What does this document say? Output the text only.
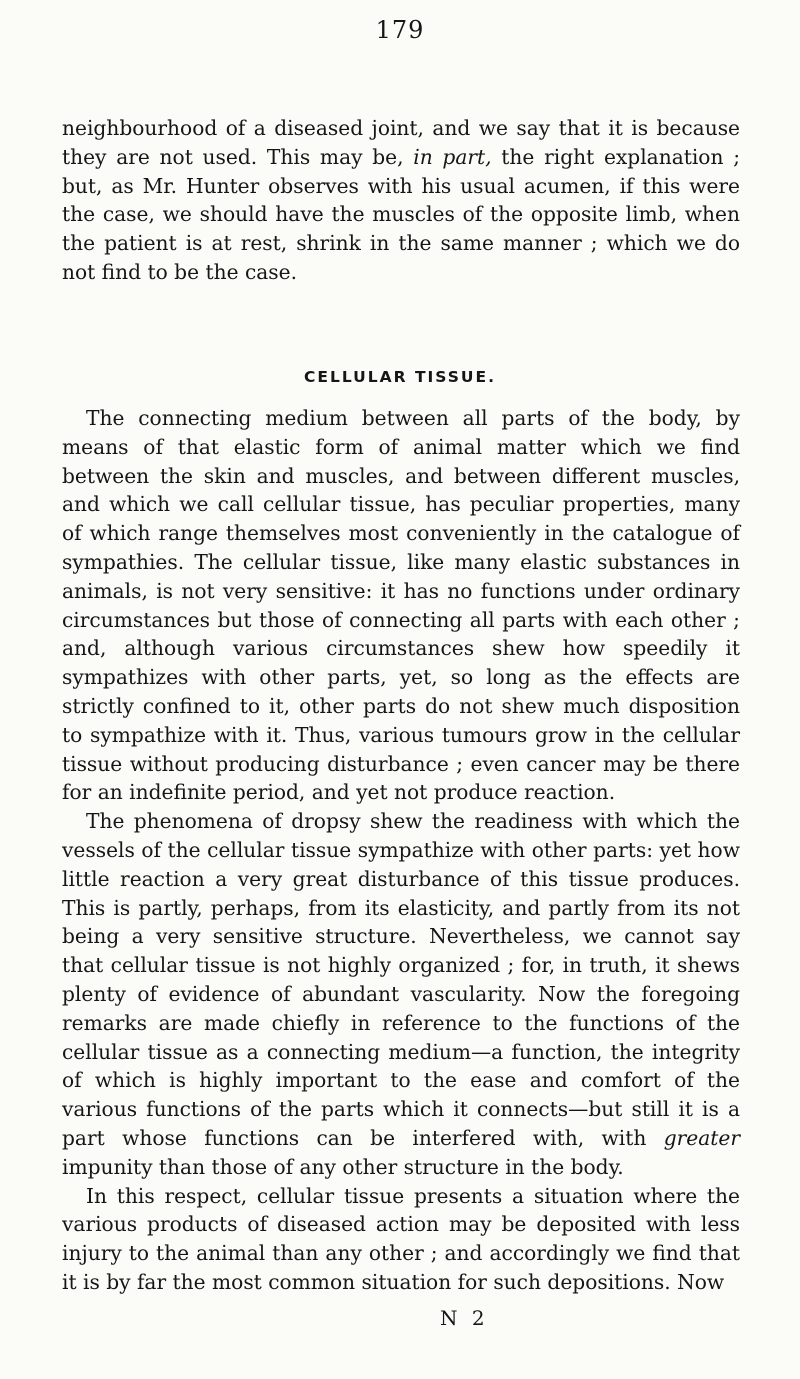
179

neighbourhood of a diseased joint, and we say that it is because they are not used. This may be, in part, the right explanation ; but, as Mr. Hunter observes with his usual acumen, if this were the case, we should have the muscles of the opposite limb, when the patient is at rest, shrink in the same manner ; which we do not find to be the case.

CELLULAR TISSUE.

The connecting medium between all parts of the body, by means of that elastic form of animal matter which we find between the skin and muscles, and between different muscles, and which we call cellular tissue, has peculiar properties, many of which range themselves most conveniently in the catalogue of sympathies. The cellular tissue, like many elastic substances in animals, is not very sensitive: it has no functions under ordinary circumstances but those of connecting all parts with each other ; and, although various circumstances shew how speedily it sympathizes with other parts, yet, so long as the effects are strictly confined to it, other parts do not shew much disposition to sympathize with it. Thus, various tumours grow in the cellular tissue without producing disturbance ; even cancer may be there for an indefinite period, and yet not produce reaction.

The phenomena of dropsy shew the readiness with which the vessels of the cellular tissue sympathize with other parts: yet how little reaction a very great disturbance of this tissue produces. This is partly, perhaps, from its elasticity, and partly from its not being a very sensitive structure. Nevertheless, we cannot say that cellular tissue is not highly organized ; for, in truth, it shews plenty of evidence of abundant vascularity. Now the foregoing remarks are made chiefly in reference to the functions of the cellular tissue as a connecting medium—a function, the integrity of which is highly important to the ease and comfort of the various functions of the parts which it connects—but still it is a part whose functions can be interfered with, with greater impunity than those of any other structure in the body.

In this respect, cellular tissue presents a situation where the various products of diseased action may be deposited with less injury to the animal than any other ; and accordingly we find that it is by far the most common situation for such depositions. Now

N 2
